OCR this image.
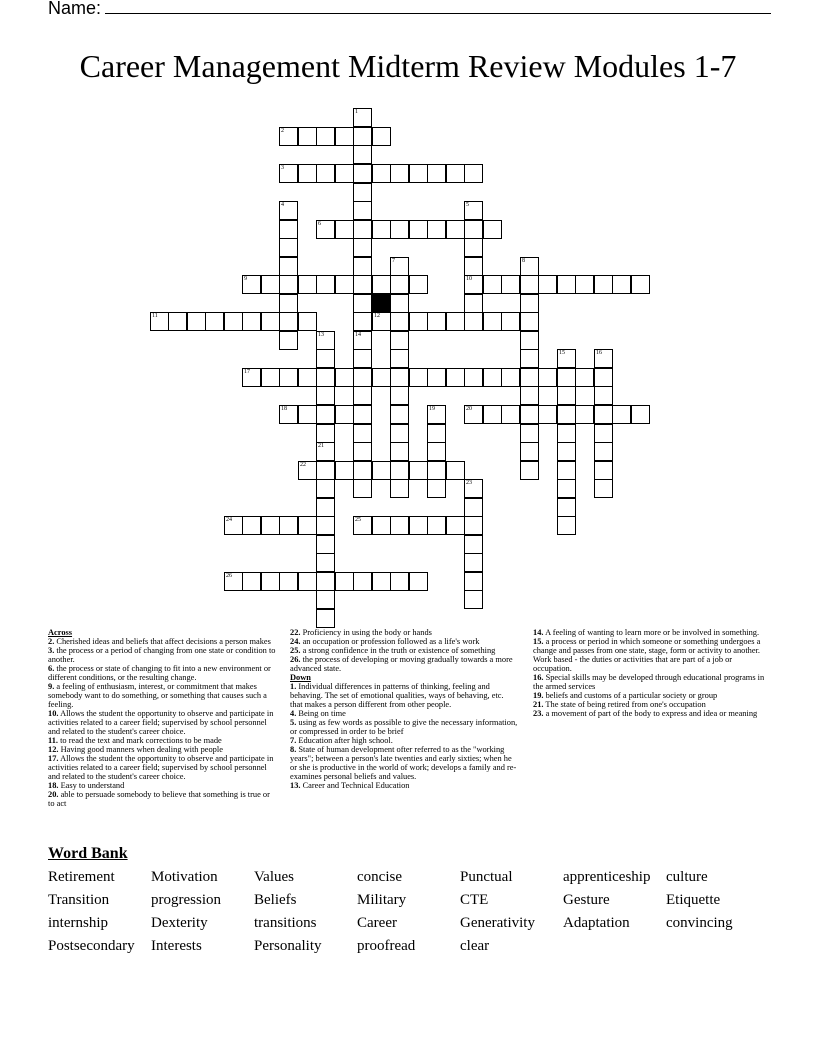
Name:
Career Management Midterm Review Modules 1-7
1
2
3
4	5
6
7	8
9	10
11	12
13	14
15	16
17
18	19	20
21
22
23
24	25
26

Across

2. Cherished ideas and beliefs that affect decisions a person makes

3. the process or a period of changing from one state or condition to another.

6. the process or state of changing to fit into a new environment or different conditions, or the resulting change.

9. a feeling of enthusiasm, interest, or commitment that makes somebody want to do something, or something that causes such a feeling.

10. Allows the student the opportunity to observe and participate in activities related to a career field; supervised by school personnel and related to the student's career choice.

11. to read the text and mark corrections to be made

12. Having good manners when dealing with people

17. Allows the student the opportunity to observe and participate in activities related to a career field; supervised by school personnel and related to the student's career choice.

18. Easy to understand

20. able to persuade somebody to believe that something is true or to act

22. Proficiency in using the body or hands

24. an occupation or profession followed as a life's work

25. a strong confidence in the truth or existence of something

26. the process of developing or moving gradually towards a more advanced state.

Down

1. Individual differences in patterns of thinking, feeling and behaving. The set of emotional qualities, ways of behaving, etc. that makes a person different from other people.

4. Being on time

5. using as few words as possible to give the necessary information, or compressed in order to be brief

7. Education after high school.

8. State of human development ofter referred to as the "working years"; between a person's late twenties and early sixties; when he or she is productive in the world of work; develops a family and re-examines personal beliefs and values.

13. Career and Technical Education

14. A feeling of wanting to learn more or be involved in something.

15. a process or period in which someone or something undergoes a change and passes from one state, stage, form or activity to another. Work based - the duties or activities that are part of a job or occupation.

16. Special skills may be developed through educational programs in the armed services

19. beliefs and customs of a particular society or group

21. The state of being retired from one's occupation

23. a movement of part of the body to express and idea or meaning

Word Bank
Retirement	Motivation	Values	concise	Punctual	apprenticeship	culture
Transition	progression	Beliefs	Military	CTE	Gesture	Etiquette
internship	Dexterity	transitions	Career	Generativity	Adaptation	convincing
Postsecondary	Interests	Personality	proofread	clear
